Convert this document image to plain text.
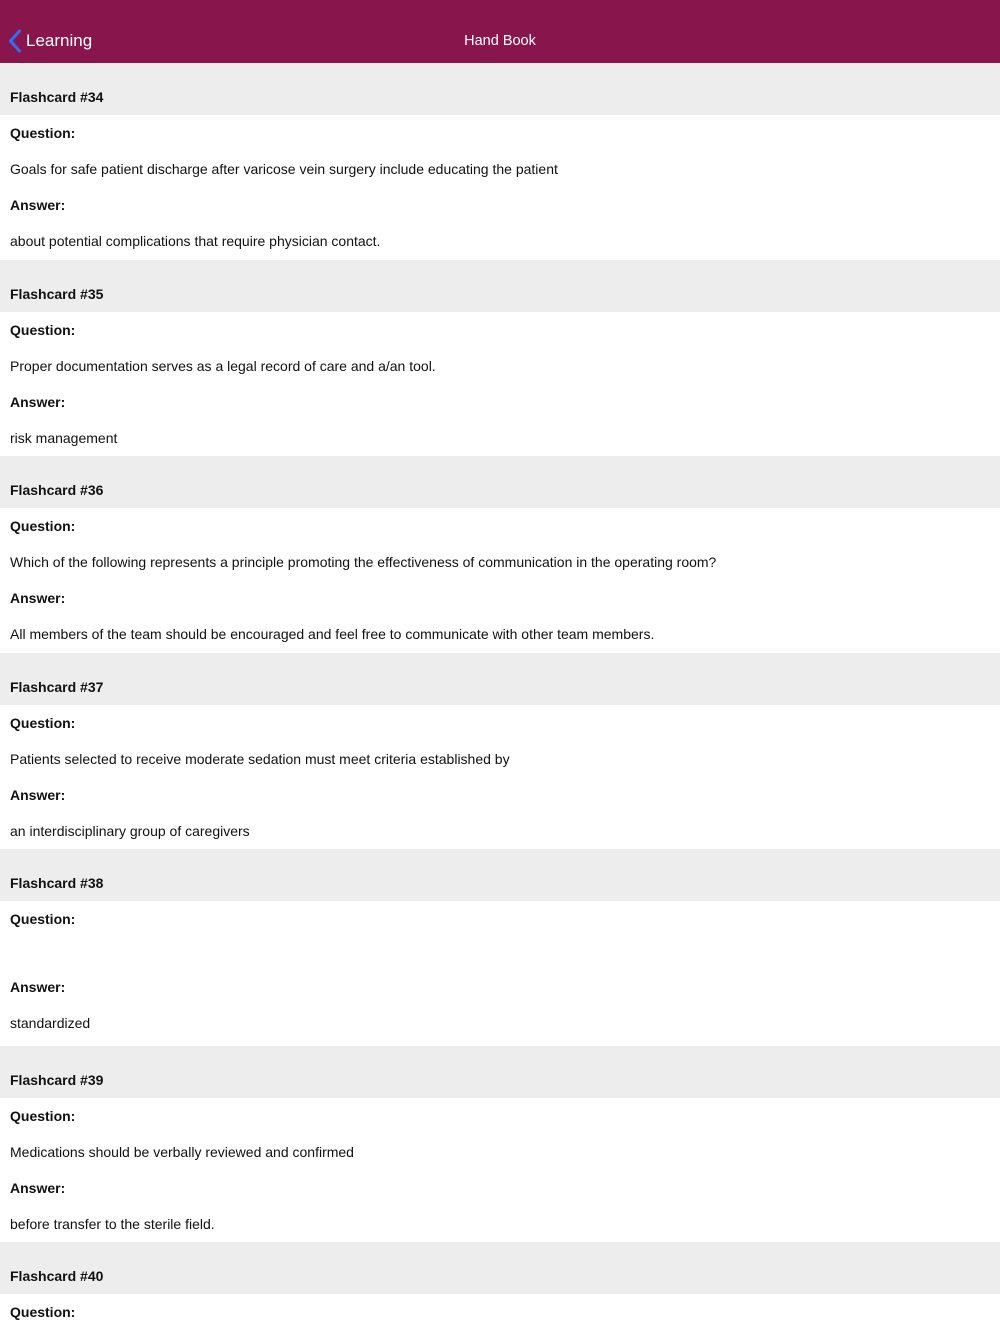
Learning	Hand Book
Flashcard #34
Question:
Goals for safe patient discharge after varicose vein surgery include educating the patient
Answer:
about potential complications that require physician contact.
Flashcard #35
Question:
Proper documentation serves as a legal record of care and a/an tool.
Answer:
risk management
Flashcard #36
Question:
Which of the following represents a principle promoting the effectiveness of communication in the operating room?
Answer:
All members of the team should be encouraged and feel free to communicate with other team members.
Flashcard #37
Question:
Patients selected to receive moderate sedation must meet criteria established by
Answer:
an interdisciplinary group of caregivers
Flashcard #38
Question:
Answer:
standardized
Flashcard #39
Question:
Medications should be verbally reviewed and confirmed
Answer:
before transfer to the sterile field.
Flashcard #40
Question:
